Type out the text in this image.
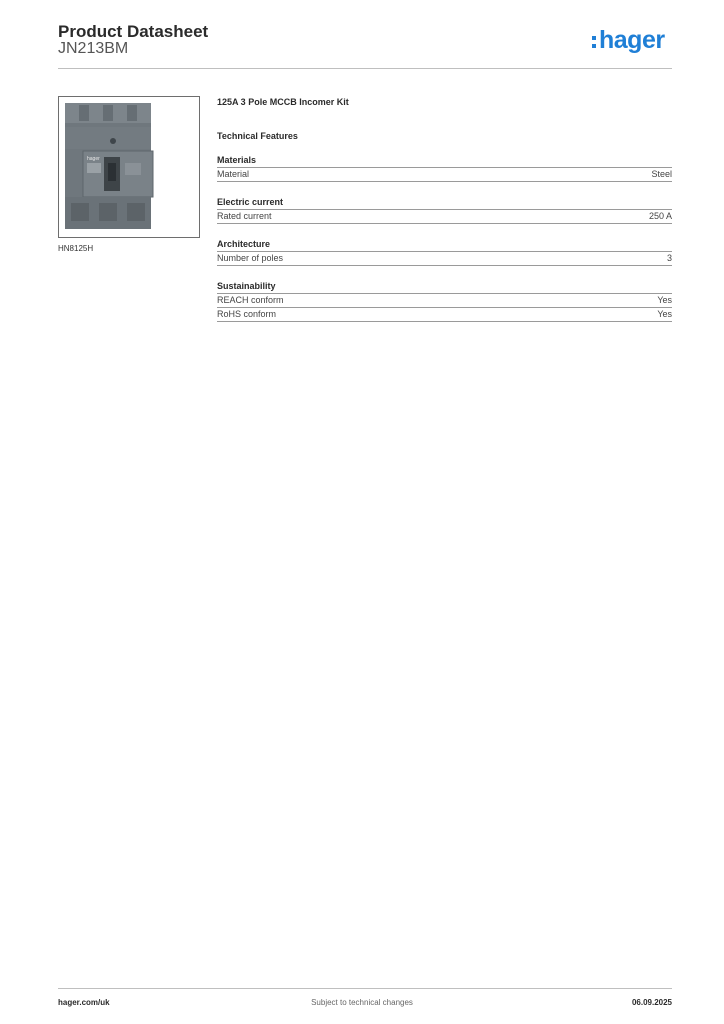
Product Datasheet
JN213BM	hager
hager
HN8125H
125A 3 Pole MCCB Incomer Kit
Technical Features
Materials
Material	Steel
Electric current
Rated current	250 A
Architecture
Number of poles	3
Sustainability
REACH conform	Yes
RoHS conform	Yes
hager.com/uk	Subject to technical changes	06.09.2025
